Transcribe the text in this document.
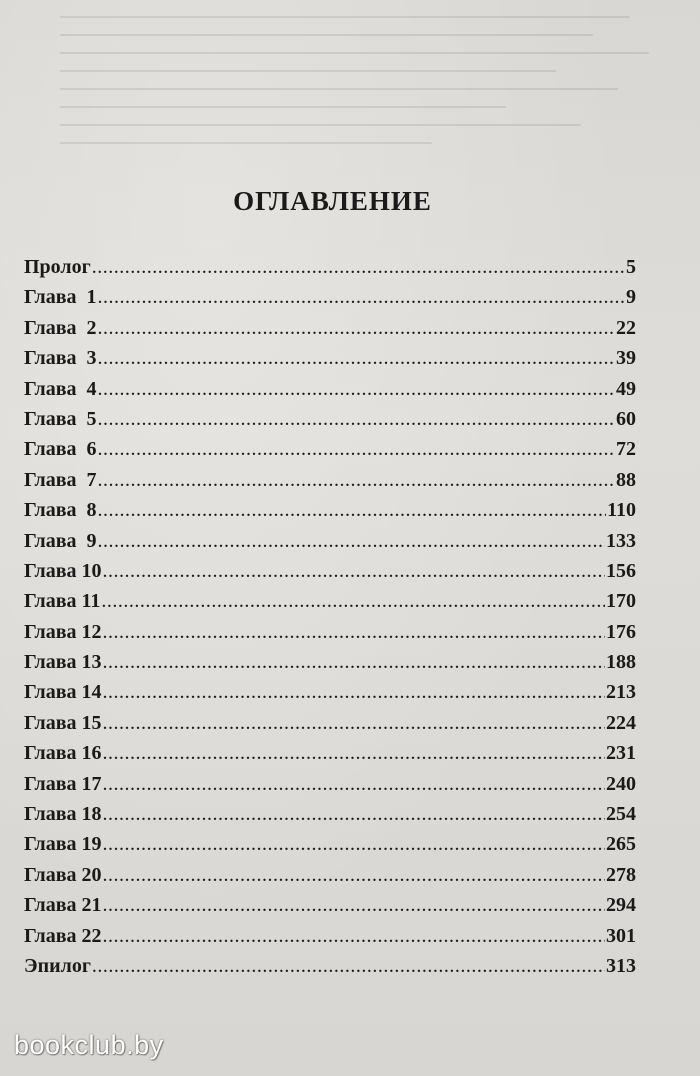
ОГЛАВЛЕНИЕ
Пролог .....	5
Глава  1 .....	9
Глава  2 .....	22
Глава  3 .....	39
Глава  4 .....	49
Глава  5 .....	60
Глава  6 .....	72
Глава  7 .....	88
Глава  8 .....	110
Глава  9 .....	133
Глава 10 .....	156
Глава 11 .....	170
Глава 12 .....	176
Глава 13 .....	188
Глава 14 .....	213
Глава 15 .....	224
Глава 16 .....	231
Глава 17 .....	240
Глава 18 .....	254
Глава 19 .....	265
Глава 20 .....	278
Глава 21 .....	294
Глава 22 .....	301
Эпилог .....	313
bookclub.by
